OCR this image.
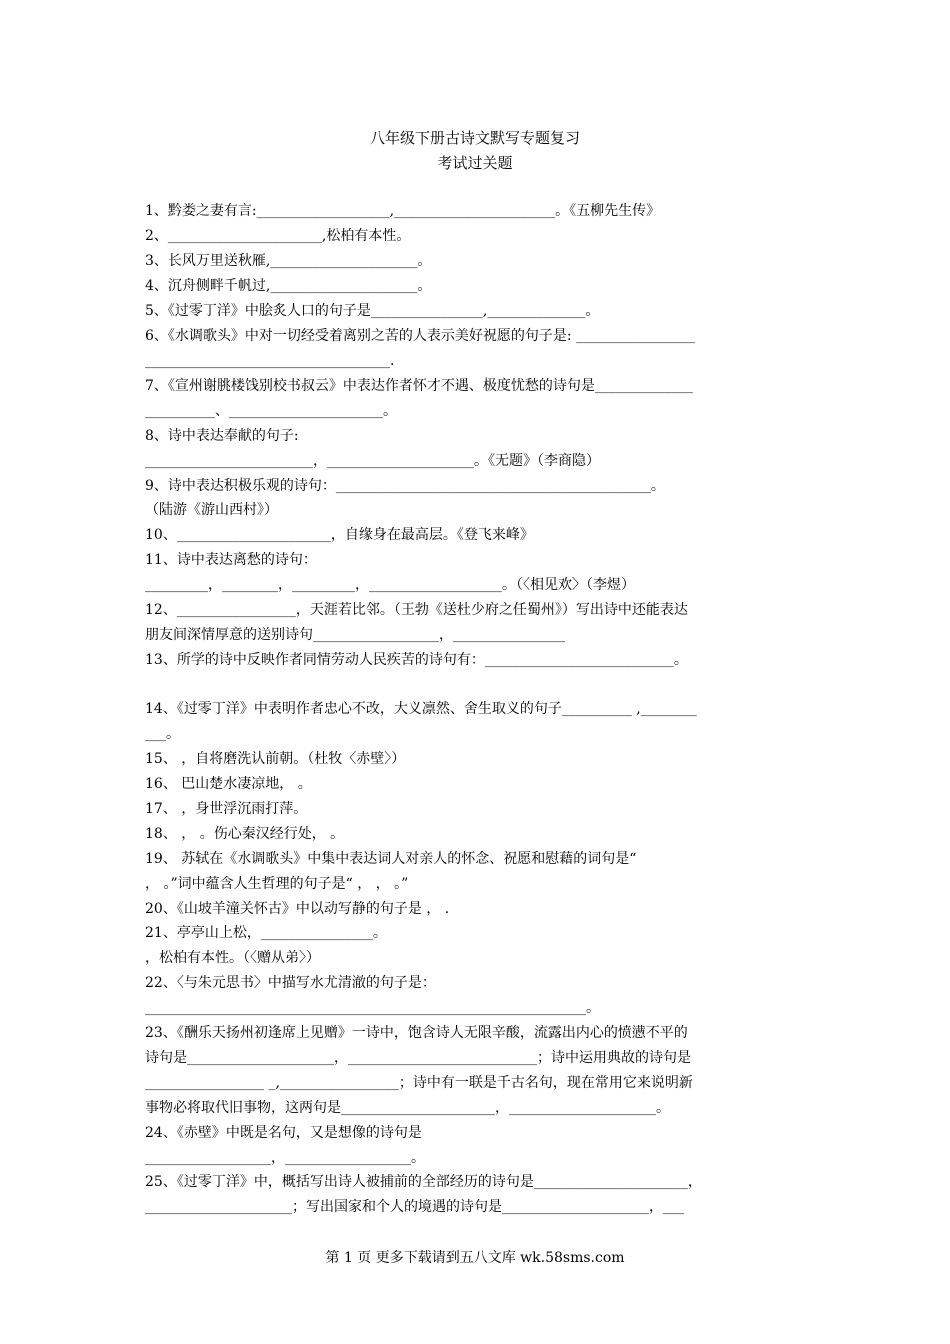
八年级下册古诗文默写专题复习
考试过关题
1、黔娄之妻有言:___________________,_______________________。《五柳先生传》
2、______________________,松柏有本性。
3、长风万里送秋雁,_____________________。
4、沉舟侧畔千帆过,_____________________。
5、《过零丁洋》中脍炙人口的句子是________________,______________。
6、《水调歌头》中对一切经受着离别之苦的人表示美好祝愿的句子是: _________________
___________________________________.
7、《宣州谢朓楼饯别校书叔云》中表达作者怀才不遇、极度忧愁的诗句是______________
__________、______________________。
8、诗中表达奉献的句子:
________________________，_____________________。《无题》（李商隐）
9、诗中表达积极乐观的诗句：_____________________________________________。
（陆游《游山西村》）
10、______________________，自缘身在最高层。《登飞来峰》
11、诗中表达离愁的诗句：
_________，________，_________，___________________。（〈相见欢〉（李煜）
12、_________________，天涯若比邻。（王勃《送杜少府之任蜀州》）写出诗中还能表达
朋友间深情厚意的送别诗句__________________，________________
13、所学的诗中反映作者同情劳动人民疾苦的诗句有：___________________________。
14、《过零丁洋》中表明作者忠心不改，大义凛然、舍生取义的句子__________ ,________
___。
15、 ，自将磨洗认前朝。（杜牧〈赤壁〉）
16、 巴山楚水凄凉地， 。
17、 ，身世浮沉雨打萍。
18、 ， 。伤心秦汉经行处， 。
19、 苏轼在《水调歌头》中集中表达词人对亲人的怀念、祝愿和慰藉的词句是“
， 。”词中蕴含人生哲理的句子是“ ， ， 。”
20、《山坡羊潼关怀古》中以动写静的句子是 ， .
21、亭亭山上松，________________。
，松柏有本性。（〈赠从弟〉）
22、〈与朱元思书〉中描写水尤清澈的句子是：
_______________________________________________________________。
23、《酬乐天扬州初逢席上见赠》一诗中，饱含诗人无限辛酸，流露出内心的愤懑不平的
诗句是_____________________，___________________________；诗中运用典故的诗句是
_________________ _,_________________；诗中有一联是千古名句，现在常用它来说明新
事物必将取代旧事物，这两句是______________________，_____________________。
24、《赤壁》中既是名句，又是想像的诗句是
__________________，__________________。
25、《过零丁洋》中，概括写出诗人被捕前的全部经历的诗句是______________________，
_____________________；写出国家和个人的境遇的诗句是_____________________，___
第 1 页 更多下载请到五八文库 wk.58sms.com
